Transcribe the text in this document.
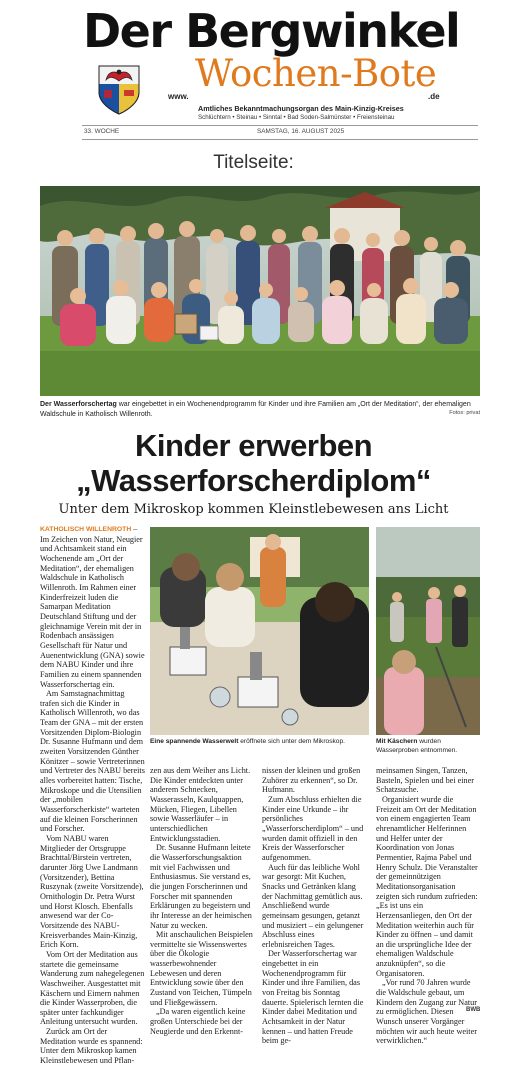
Der Bergwinkel
www.
Wochen-Bote
.de
Amtliches Bekanntmachungsorgan des Main-Kinzig-Kreises
Schlüchtern • Steinau • Sinntal • Bad Soden-Salmünster • Freiensteinau
33. WOCHE	SAMSTAG, 16. AUGUST 2025
Titelseite:
Der Wasserforschertag war eingebettet in ein Wochenendprogramm für Kinder und ihre Familien am „Ort der Meditation“, der ehemaligen Waldschule in Katholisch Willenroth.	Fotos: privat
Kinder erwerben
„Wasserforscherdiplom“
Unter dem Mikroskop kommen Kleinstlebewesen ans Licht

KATHOLISCH WILLENROTH – Im Zeichen von Natur, Neugier und Achtsamkeit stand ein Wochenende am „Ort der Meditation“, der ehemaligen Waldschule in Katholisch Willenroth. Im Rahmen einer Kinderfreizeit luden die Samarpan Meditation Deutschland Stiftung und der gleichnamige Verein mit der in Rodenbach ansässigen Gesellschaft für Natur und Auenentwicklung (GNA) sowie dem NABU Kinder und ihre Familien zu einem spannenden Wasserforschertag ein.

Am Samstagnachmittag trafen sich die Kinder in Katholisch Willenroth, wo das Team der GNA – mit der ersten Vorsitzenden Diplom-Biologin Dr. Susanne Hufmann und dem zweiten Vorsitzenden Günther Könitzer – sowie Vertreterinnen und Vertreter des NABU bereits alles vorbereitet hatten: Tische, Mikroskope und die Utensilien der „mobilen Wasserforscherkiste“ warteten auf die kleinen Forscherinnen und Forscher.

Vom NABU waren Mitglieder der Ortsgruppe Brachttal/Birstein vertreten, darunter Jörg Uwe Landmann (Vorsitzender), Bettina Ruszynak (zweite Vorsitzende), Ornithologin Dr. Petra Wurst und Horst Klosch. Ebenfalls anwesend war der Co-Vorsitzende des NABU-Kreisverbandes Main-Kinzig, Erich Korn.

Vom Ort der Meditation aus startete die gemeinsame Wanderung zum nahegelegenen Waschweiher. Ausgestattet mit Käschern und Eimern nahmen die Kinder Wasserproben, die später unter fachkundiger Anleitung untersucht wurden.

Zurück am Ort der Meditation wurde es spannend: Unter dem Mikroskop kamen Kleinstlebewesen und Pflan-

Eine spannende Wasserwelt eröffnete sich unter dem Mikroskop.	Mit Käschern wurden Wasserproben entnommen.

zen aus dem Weiher ans Licht. Die Kinder entdeckten unter anderem Schnecken, Wasserasseln, Kaulquappen, Mücken, Fliegen, Libellen sowie Wasserläufer – in unterschiedlichen Entwicklungsstadien.

Dr. Susanne Hufmann leitete die Wasserforschungsaktion mit viel Fachwissen und Enthusiasmus. Sie verstand es, die jungen Forscherinnen und Forscher mit spannenden Erklärungen zu begeistern und ihr Interesse an der heimischen Natur zu wecken.

Mit anschaulichen Beispielen vermittelte sie Wissenswertes über die Ökologie wasserbewohnender Lebewesen und deren Entwicklung sowie über den Zustand von Teichen, Tümpeln und Fließgewässern.

„Da waren eigentlich keine großen Unterschiede bei der Neugierde und den Erkennt-

nissen der kleinen und großen Zuhörer zu erkennen“, so Dr. Hufmann.

Zum Abschluss erhielten die Kinder eine Urkunde – ihr persönliches „Wasserforscherdiplom“ – und wurden damit offiziell in den Kreis der Wasserforscher aufgenommen.

Auch für das leibliche Wohl war gesorgt: Mit Kuchen, Snacks und Getränken klang der Nachmittag gemütlich aus. Anschließend wurde gemeinsam gesungen, getanzt und musiziert – ein gelungener Abschluss eines erlebnisreichen Tages.

Der Wasserforschertag war eingebettet in ein Wochenendprogramm für Kinder und ihre Familien, das von Freitag bis Sonntag dauerte. Spielerisch lernten die Kinder dabei Meditation und Achtsamkeit in der Natur kennen – und hatten Freude beim ge-

meinsamen Singen, Tanzen, Basteln, Spielen und bei einer Schatzsuche.

Organisiert wurde die Freizeit am Ort der Meditation von einem engagierten Team ehrenamtlicher Helferinnen und Helfer unter der Koordination von Jonas Permentier, Rajma Pabel und Henry Schulz. Die Veranstalter der gemeinnützigen Meditationsorganisation zeigten sich rundum zufrieden: „Es ist uns ein Herzensanliegen, den Ort der Meditation weiterhin auch für Kinder zu öffnen – und damit an die ursprüngliche Idee der ehemaligen Waldschule anzuknüpfen“, so die Organisatoren.

„Vor rund 70 Jahren wurde die Waldschule gebaut, um Kindern den Zugang zur Natur zu ermöglichen. Diesen Wunsch unserer Vorgänger möchten wir auch heute weiter verwirklichen.“

BWB
